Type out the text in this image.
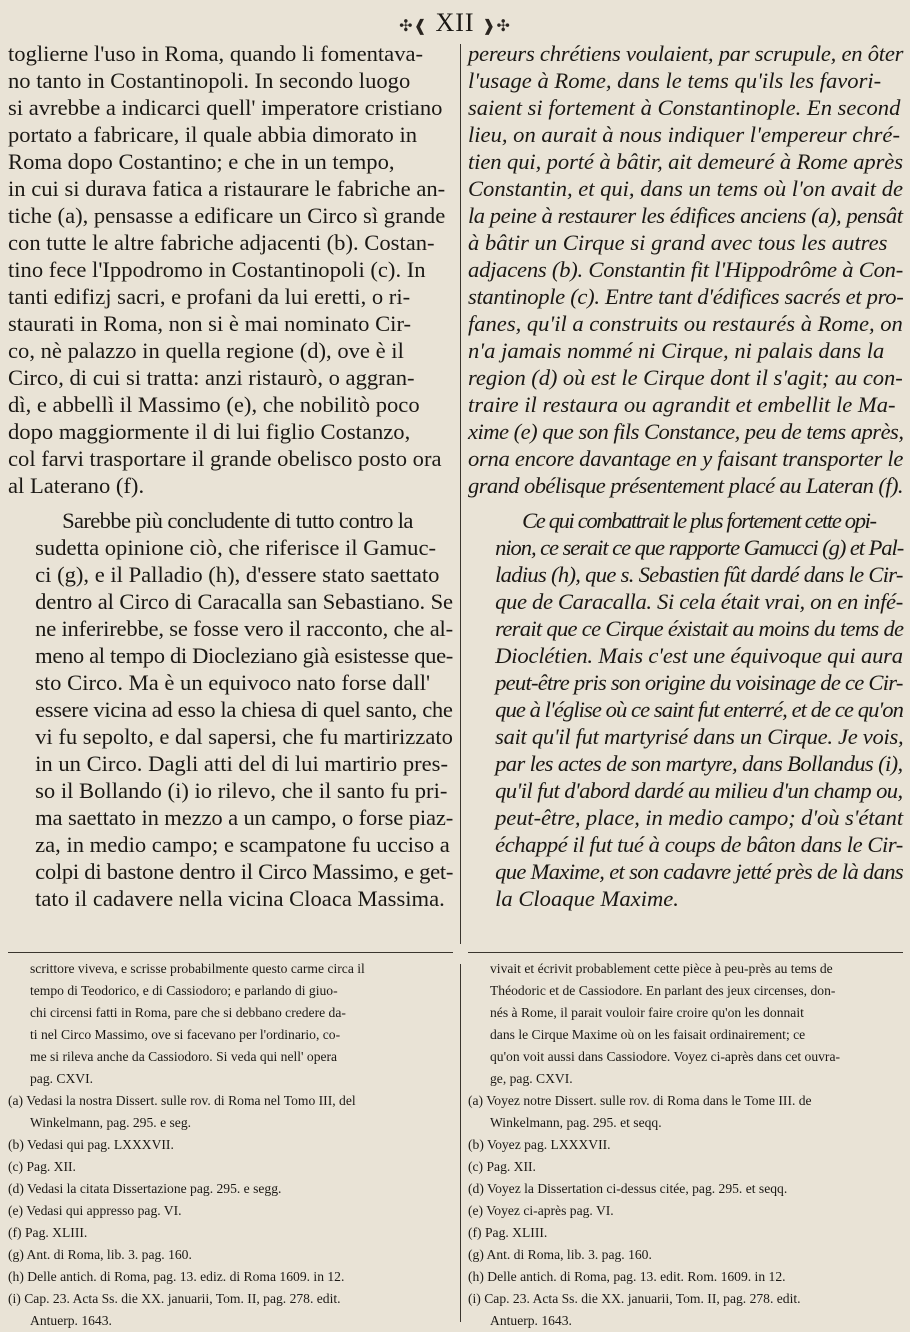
✣❰ XII ❱✣

toglierne l'uso in Roma, quando li fomentava-
no tanto in Costantinopoli. In secondo luogo
si avrebbe a indicarci quell' imperatore cristiano
portato a fabricare, il quale abbia dimorato in
Roma dopo Costantino; e che in un tempo,
in cui si durava fatica a ristaurare le fabriche an-
tiche (a), pensasse a edificare un Circo sì grande
con tutte le altre fabriche adjacenti (b). Costan-
tino fece l'Ippodromo in Costantinopoli (c). In
tanti edifizj sacri, e profani da lui eretti, o ri-
staurati in Roma, non si è mai nominato Cir-
co, nè palazzo in quella regione (d), ove è il
Circo, di cui si tratta: anzi ristaurò, o aggran-
dì, e abbellì il Massimo (e), che nobilitò poco
dopo maggiormente il di lui figlio Costanzo,
col farvi trasportare il grande obelisco posto ora
al Laterano (f).

Sarebbe più concludente di tutto contro la
sudetta opinione ciò, che riferisce il Gamuc-
ci (g), e il Palladio (h), d'essere stato saettato
dentro al Circo di Caracalla san Sebastiano. Se
ne inferirebbe, se fosse vero il racconto, che al-
meno al tempo di Diocleziano già esistesse que-
sto Circo. Ma è un equivoco nato forse dall'
essere vicina ad esso la chiesa di quel santo, che
vi fu sepolto, e dal sapersi, che fu martirizzato
in un Circo. Dagli atti del di lui martirio pres-
so il Bollando (i) io rilevo, che il santo fu pri-
ma saettato in mezzo a un campo, o forse piaz-
za, in medio campo; e scampatone fu ucciso a
colpi di bastone dentro il Circo Massimo, e get-
tato il cadavere nella vicina Cloaca Massima.

pereurs chrétiens voulaient, par scrupule, en ôter
l'usage à Rome, dans le tems qu'ils les favori-
saient si fortement à Constantinople. En second
lieu, on aurait à nous indiquer l'empereur chré-
tien qui, porté à bâtir, ait demeuré à Rome après
Constantin, et qui, dans un tems où l'on avait de
la peine à restaurer les édifices anciens (a), pensât
à bâtir un Cirque si grand avec tous les autres
adjacens (b). Constantin fit l'Hippodrôme à Con-
stantinople (c). Entre tant d'édifices sacrés et pro-
fanes, qu'il a construits ou restaurés à Rome, on
n'a jamais nommé ni Cirque, ni palais dans la
region (d) où est le Cirque dont il s'agit; au con-
traire il restaura ou agrandit et embellit le Ma-
xime (e) que son fils Constance, peu de tems après,
orna encore davantage en y faisant transporter le
grand obélisque présentement placé au Lateran (f).

Ce qui combattrait le plus fortement cette opi-
nion, ce serait ce que rapporte Gamucci (g) et Pal-
ladius (h), que s. Sebastien fût dardé dans le Cir-
que de Caracalla. Si cela était vrai, on en infé-
rerait que ce Cirque éxistait au moins du tems de
Dioclétien. Mais c'est une équivoque qui aura
peut-être pris son origine du voisinage de ce Cir-
que à l'église où ce saint fut enterré, et de ce qu'on
sait qu'il fut martyrisé dans un Cirque. Je vois,
par les actes de son martyre, dans Bollandus (i),
qu'il fut d'abord dardé au milieu d'un champ ou,
peut-être, place, in medio campo; d'où s'étant
échappé il fut tué à coups de bâton dans le Cir-
que Maxime, et son cadavre jetté près de là dans
la Cloaque Maxime.

scrittore viveva, e scrisse probabilmente questo carme circa il
tempo di Teodorico, e di Cassiodoro; e parlando di giuo-
chi circensi fatti in Roma, pare che si debbano credere da-
ti nel Circo Massimo, ove si facevano per l'ordinario, co-
me si rileva anche da Cassiodoro. Si veda qui nell' opera
pag. CXVI.
(a) Vedasi la nostra Dissert. sulle rov. di Roma nel Tomo III, del
Winkelmann, pag. 295. e seg.
(b) Vedasi qui pag. LXXXVII.
(c) Pag. XII.
(d) Vedasi la citata Dissertazione pag. 295. e segg.
(e) Vedasi qui appresso pag. VI.
(f) Pag. XLIII.
(g) Ant. di Roma, lib. 3. pag. 160.
(h) Delle antich. di Roma, pag. 13. ediz. di Roma 1609. in 12.
(i) Cap. 23. Acta Ss. die XX. januarii, Tom. II, pag. 278. edit.
Antuerp. 1643.
vivait et écrivit probablement cette pièce à peu-près au tems de
Théodoric et de Cassiodore. En parlant des jeux circenses, don-
nés à Rome, il parait vouloir faire croire qu'on les donnait
dans le Cirque Maxime où on les faisait ordinairement; ce
qu'on voit aussi dans Cassiodore. Voyez ci-après dans cet ouvra-
ge, pag. CXVI.
(a) Voyez notre Dissert. sulle rov. di Roma dans le Tome III. de
Winkelmann, pag. 295. et seqq.
(b) Voyez pag. LXXXVII.
(c) Pag. XII.
(d) Voyez la Dissertation ci-dessus citée, pag. 295. et seqq.
(e) Voyez ci-après pag. VI.
(f) Pag. XLIII.
(g) Ant. di Roma, lib. 3. pag. 160.
(h) Delle antich. di Roma, pag. 13. edit. Rom. 1609. in 12.
(i) Cap. 23. Acta Ss. die XX. januarii, Tom. II, pag. 278. edit.
Antuerp. 1643.
